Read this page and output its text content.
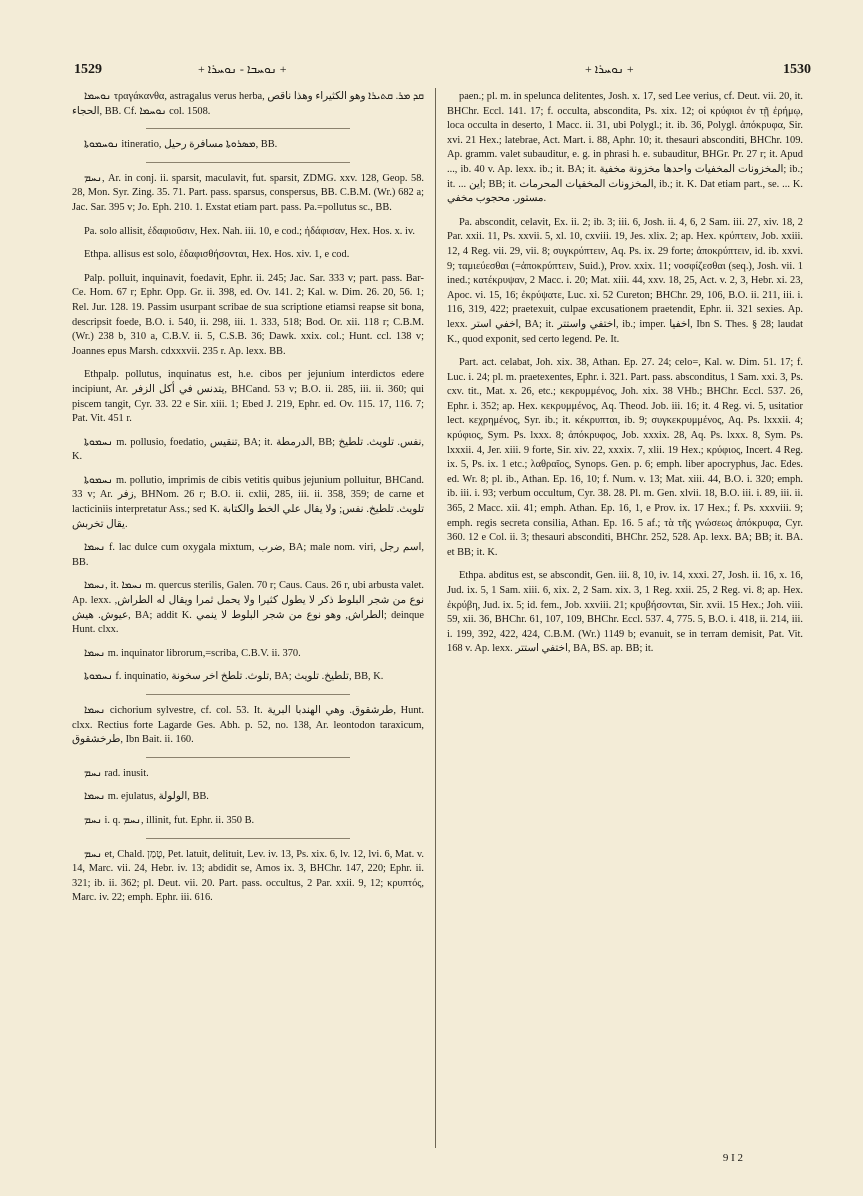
1529	+ ܢܘܚܒܐ - ܢܘܚܪܐ +	+ ܢܘܚܪܐ +	1530

ܢܘܚܡܐ τραγάκανθα, astragalus verus herba, ܩܕ ܡܪ. ܩܬܝܪܐ وهو الكثيراء وهذا ناقص الحجاء, BB. Cf. ܢܘܚܡܐ col. 1508.

ܢܘܚܡܘܬܐ itineratio, ܡܣܪܘܬܐ مسافرة رحيل, BB.

ܢܚܡ, Ar. in conj. ii. sparsit, maculavit, fut. sparsit, ZDMG. xxv. 128, Geop. 58. 28, Mon. Syr. Zing. 35. 71. Part. pass. sparsus, conspersus, BB. C.B.M. (Wr.) 682 a; Jac. Sar. 395 v; Jo. Eph. 210. 1. Exstat etiam part. pass. Pa.=pollutus sc., BB.

Pa. solo allisit, ἐδαφιοῦσιν, Hex. Nah. iii. 10, e cod.; ἠδάφισαν, Hex. Hos. x. iv.

Ethpa. allisus est solo, ἐδαφισθήσονται, Hex. Hos. xiv. 1, e cod.

Palp. polluit, inquinavit, foedavit, Ephr. ii. 245; Jac. Sar. 333 v; part. pass. Bar-Ce. Hom. 67 r; Ephr. Opp. Gr. ii. 398, ed. Ov. 141. 2; Kal. w. Dim. 26. 20, 56. 1; Rel. Jur. 128. 19. Passim usurpant scribae de sua scriptione etiamsi reapse sit bona, descripsit foede, B.O. i. 540, ii. 298, iii. 1. 333, 518; Bod. Or. xii. 118 r; C.B.M. (Wr.) 238 b, 310 a, C.B.V. ii. 5, C.S.B. 36; Dawk. xxix. col.; Hunt. ccl. 138 v; Joannes epus Marsh. cdxxxvii. 235 r. Ap. lexx. BB.

Ethpalp. pollutus, inquinatus est, h.e. cibos per jejunium interdictos edere incipiunt, Ar. يتدنس في أكل الزفر, BHCand. 53 v; B.O. ii. 285, iii. ii. 360; qui piscem tangit, Cyr. 33. 22 e Sir. xiii. 1; Ebed J. 219, Ephr. ed. Ov. 115. 17, 116. 7; Pat. Vit. 451 r.

ܢܚܡܘܬܐ m. pollusio, foedatio, تنقيس, BA; it. الدرمطة, BB; نفس. تلويث. تلطيخ, K.

ܢܚܡܘܬܐ m. pollutio, imprimis de cibis vetitis quibus jejunium polluitur, BHCand. 33 v; Ar. زفر, BHNom. 26 r; B.O. ii. cxlii, 285, iii. ii. 358, 359; de carne et lacticiniis interpretatur Ass.; sed K. تلويث. تلطيخ. نفس; ولا يقال علي الخط والكتابة يقال تخربش.

ܢܚܡܐ f. lac dulce cum oxygala mixtum, ضرب, BA; male nom. viri, اسم رجل, BB.

ܢܚܡܐ, it. ܢܚܡܐ m. quercus sterilis, Galen. 70 r; Caus. Caus. 26 r, ubi arbusta valet. Ap. lexx. نوع من شجر البلوط ذكر لا يطول كثيرا ولا يحمل ثمرا ويقال له الطراش, عيوش. هيش, BA; addit K. الطراش, وهو نوع من شجر البلوط لا ينمي; deinque Hunt. clxx.

ܢܚܡܐ m. inquinator librorum,=scriba, C.B.V. ii. 370.

ܢܚܡܘܬܐ f. inquinatio, تلوث. تلطخ اخر سخونة, BA; تلطيخ. تلويث, BB, K.

ܢܚܡܐ cichorium sylvestre, cf. col. 53. It. طرشقوق. وهي الهندبا البرية, Hunt. clxx. Rectius forte Lagarde Ges. Abh. p. 52, no. 138, Ar. leontodon taraxicum, طرخشقوق, Ibn Bait. ii. 160.

ܢܚܡ rad. inusit.

ܢܚܡܐ m. ejulatus, الولولة, BB.

ܢܚܡ i. q. ܢܚܡ, illinit, fut. Ephr. ii. 350 B.

ܢܚܡ et, Chald. טָמַן, Pet. latuit, delituit, Lev. iv. 13, Ps. xix. 6, lv. 12, lvi. 6, Mat. v. 14, Marc. vii. 24, Hebr. iv. 13; abdidit se, Amos ix. 3, BHChr. 147, 220; Ephr. ii. 321; ib. ii. 362; pl. Deut. vii. 20. Part. pass. occultus, 2 Par. xxii. 9, 12; κρυπτός, Marc. iv. 22; emph. Ephr. iii. 616.

paen.; pl. m. in spelunca delitentes, Josh. x. 17, sed Lee verius, cf. Deut. vii. 20, it. BHChr. Eccl. 141. 17; f. occulta, abscondita, Ps. xix. 12; οἱ κρύφιοι ἐν τῇ ἐρήμῳ, loca occulta in deserto, 1 Macc. ii. 31, ubi Polygl.; it. ib. 36, Polygl. ἀπόκρυφα, Sir. xvi. 21 Hex.; latebrae, Act. Mart. i. 88, Aphr. 10; it. thesauri absconditi, BHChr. 109. Ap. gramm. valet subauditur, e. g. in phrasi h. e. subauditur, BHGr. Pr. 27 r; it. Apud ..., ib. 40 v. Ap. lexx. ib.; it. BA; it. المخزونات المخفيات واحدها مخزونة مخفية; ib.; it. ... اين; BB; it. المخزونات المخفيات المحرمات, ib.; it. K. Dat etiam part., se. ... K. مستور. محجوب مخفي.

Pa. abscondit, celavit, Ex. ii. 2; ib. 3; iii. 6, Josh. ii. 4, 6, 2 Sam. iii. 27, xiv. 18, 2 Par. xxii. 11, Ps. xxvii. 5, xl. 10, cxviii. 19, Jes. xlix. 2; ap. Hex. κρύπτειν, Job. xxiii. 12, 4 Reg. vii. 29, vii. 8; συγκρύπτειν, Aq. Ps. ix. 29 forte; ἀποκρύπτειν, id. ib. xxvi. 9; ταμιεύεσθαι (=ἀποκρύπτειν, Suid.), Prov. xxix. 11; νοσφίζεσθαι (seq.), Josh. vii. 1 ined.; κατέκρυψαν, 2 Macc. i. 20; Mat. xiii. 44, xxv. 18, 25, Act. v. 2, 3, Hebr. xi. 23, Apoc. vi. 15, 16; ἐκρύψατε, Luc. xi. 52 Cureton; BHChr. 29, 106, B.O. ii. 211, iii. i. 116, 319, 422; praetexuit, culpae excusationem praetendit, Ephr. ii. 321 sexies. Ap. lexx. اخفي استر, BA; it. اختفي واستتر, ib.; imper. اخفيا, Ibn S. Thes. § 28; laudat K., quod exponit, sed certo legend. Pe. It.

Part. act. celabat, Joh. xix. 38, Athan. Ep. 27. 24; celo=, Kal. w. Dim. 51. 17; f. Luc. i. 24; pl. m. praetexentes, Ephr. i. 321. Part. pass. absconditus, 1 Sam. xxi. 3, Ps. cxv. tit., Mat. x. 26, etc.; κεκρυμμένος, Joh. xix. 38 VHb.; BHChr. Eccl. 537. 26, Ephr. i. 352; ap. Hex. κεκρυμμένος, Aq. Theod. Job. iii. 16; it. 4 Reg. vi. 5, usitatior lect. κεχρημένος, Syr. ib.; it. κέκρυπται, ib. 9; συγκεκρυμμένος, Aq. Ps. lxxxii. 4; κρύφιος, Sym. Ps. lxxx. 8; ἀπόκρυφος, Job. xxxix. 28, Aq. Ps. lxxx. 8, Sym. Ps. lxxxii. 4, Jer. xiii. 9 forte, Sir. xiv. 22, xxxix. 7, xlii. 19 Hex.; κρύφιος, Incert. 4 Reg. ix. 5, Ps. ix. 1 etc.; λαθραῖος, Synops. Gen. p. 6; emph. liber apocryphus, Jac. Edes. ed. Wr. 8; pl. ib., Athan. Ep. 16, 10; f. Num. v. 13; Mat. xiii. 44, B.O. i. 320; emph. ib. iii. i. 93; verbum occultum, Cyr. 38. 28. Pl. m. Gen. xlvii. 18, B.O. iii. i. 89, iii. ii. 365, 2 Macc. xii. 41; emph. Athan. Ep. 16, 1, e Prov. ix. 17 Hex.; f. Ps. xxxviii. 9; emph. regis secreta consilia, Athan. Ep. 16. 5 af.; τὰ τῆς γνώσεως ἀπόκρυφα, Cyr. 360. 12 e Col. ii. 3; thesauri absconditi, BHChr. 252, 528. Ap. lexx. BA; BB; it. BA. et BB; it. K.

Ethpa. abditus est, se abscondit, Gen. iii. 8, 10, iv. 14, xxxi. 27, Josh. ii. 16, x. 16, Jud. ix. 5, 1 Sam. xiii. 6, xix. 2, 2 Sam. xix. 3, 1 Reg. xxii. 25, 2 Reg. vi. 8; ap. Hex. ἐκρύβη, Jud. ix. 5; id. fem., Job. xxviii. 21; κρυβήσονται, Sir. xvii. 15 Hex.; Joh. viii. 59, xii. 36, BHChr. 61, 107, 109, BHChr. Eccl. 537. 4, 775. 5, B.O. i. 418, ii. 214, iii. i. 199, 392, 422, 424, C.B.M. (Wr.) 1149 b; evanuit, se in terram demisit, Pat. Vit. 168 v. Ap. lexx. اختفي استتر, BA, BS. ap. BB; it.

9 I 2
